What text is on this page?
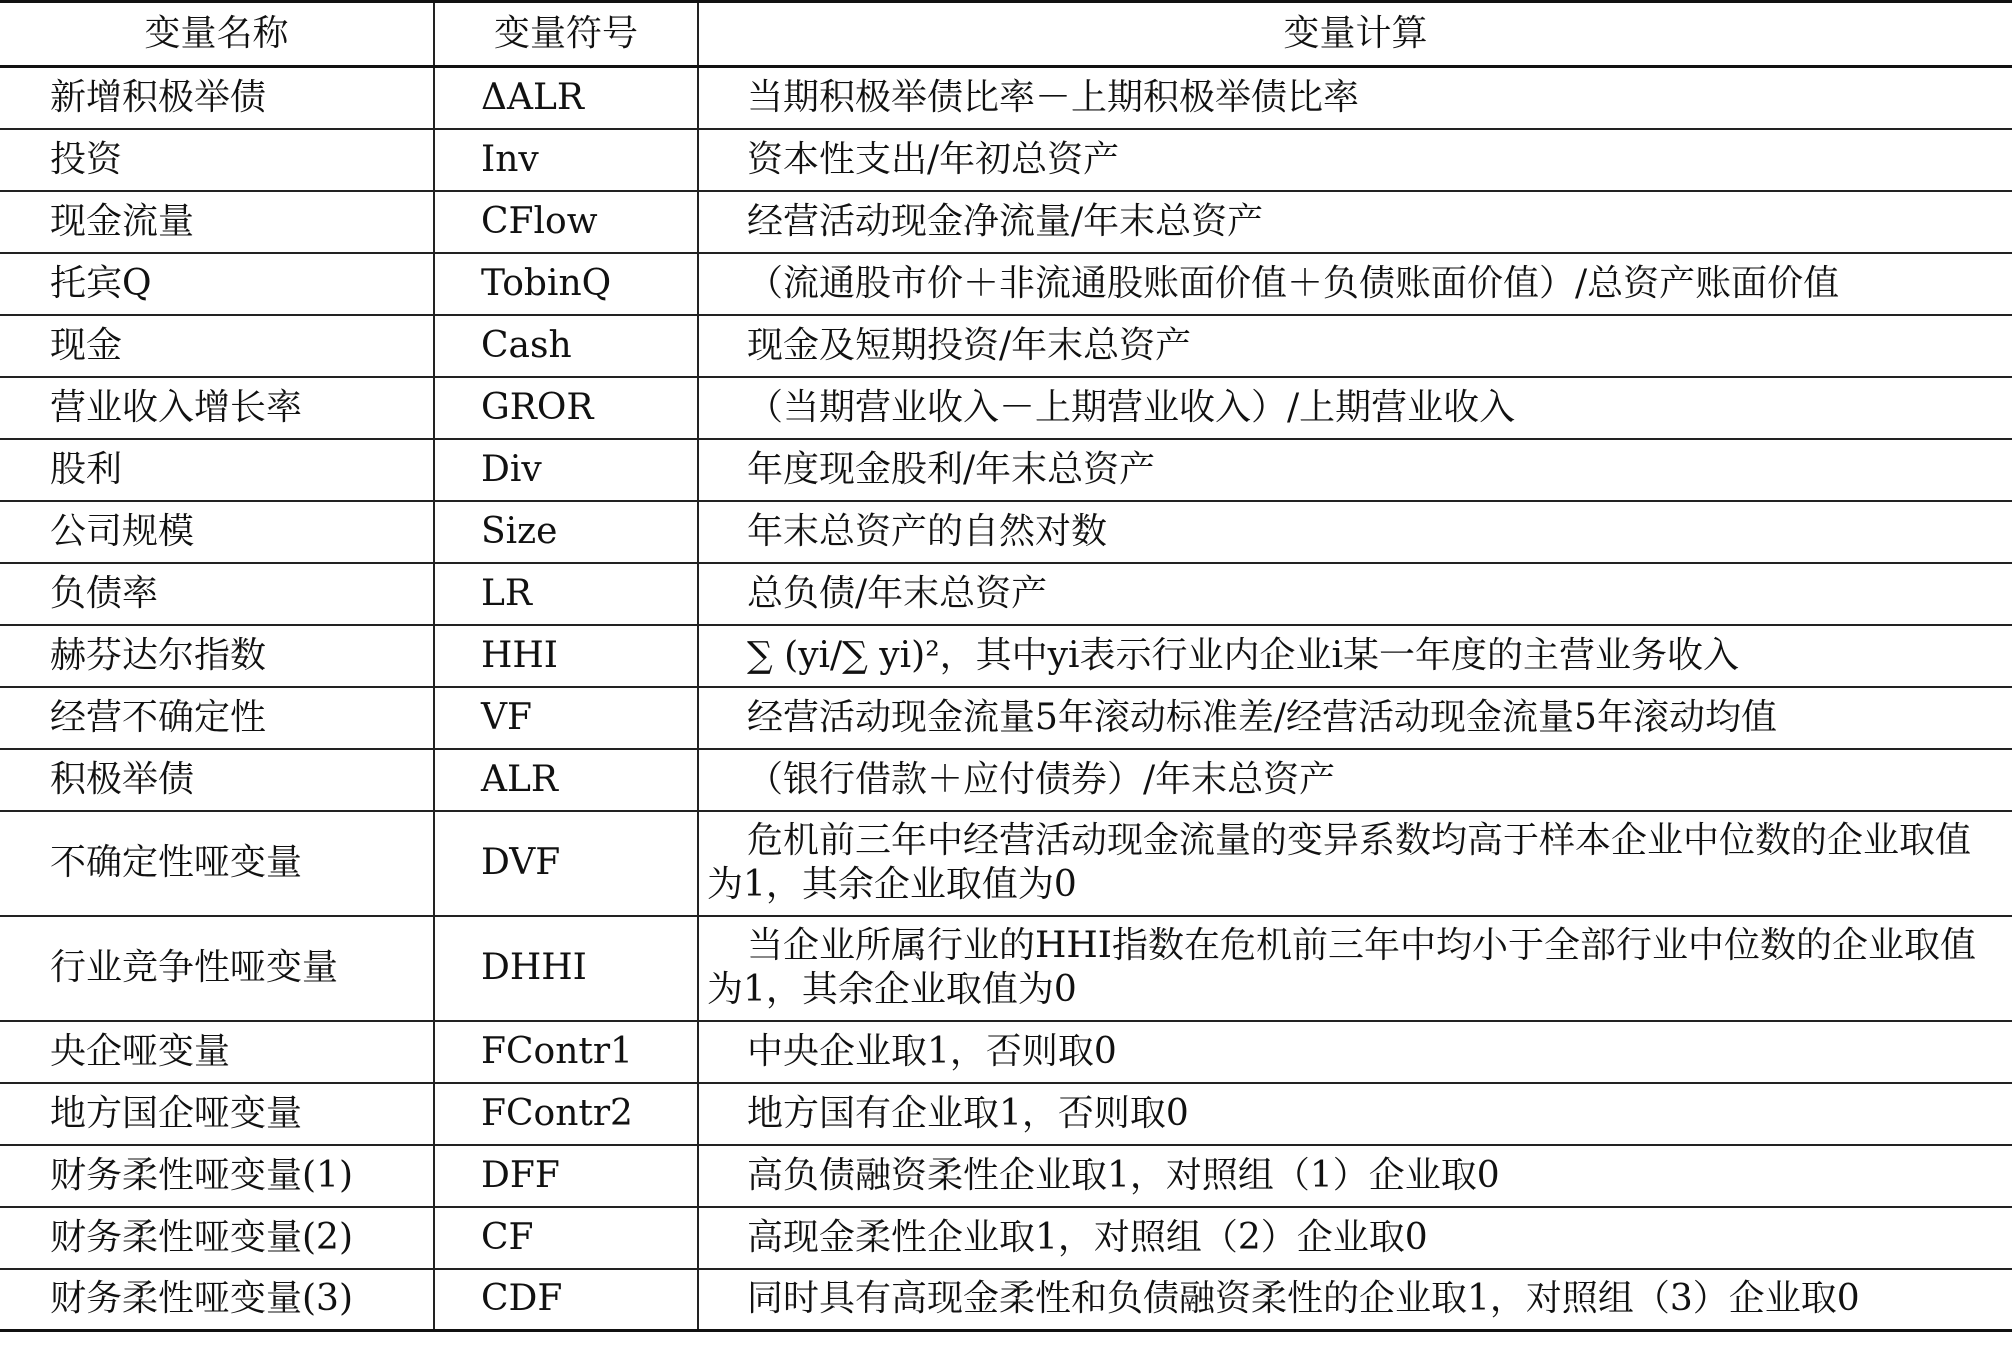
变量名称	变量符号	变量计算
新增积极举债	ΔALR	当期积极举债比率－上期积极举债比率
投资	Inv	资本性支出/年初总资产
现金流量	CFlow	经营活动现金净流量/年末总资产
托宾Q	TobinQ	（流通股市价＋非流通股账面价值＋负债账面价值）/总资产账面价值
现金	Cash	现金及短期投资/年末总资产
营业收入增长率	GROR	（当期营业收入－上期营业收入）/上期营业收入
股利	Div	年度现金股利/年末总资产
公司规模	Size	年末总资产的自然对数
负债率	LR	总负债/年末总资产
赫芬达尔指数	HHI	∑ (yi/∑ yi)²，其中yi表示行业内企业i某一年度的主营业务收入
经营不确定性	VF	经营活动现金流量5年滚动标准差/经营活动现金流量5年滚动均值
积极举债	ALR	（银行借款＋应付债券）/年末总资产
不确定性哑变量	DVF	危机前三年中经营活动现金流量的变异系数均高于样本企业中位数的企业取值为1，其余企业取值为0
行业竞争性哑变量	DHHI	当企业所属行业的HHI指数在危机前三年中均小于全部行业中位数的企业取值为1，其余企业取值为0
央企哑变量	FContr1	中央企业取1，否则取0
地方国企哑变量	FContr2	地方国有企业取1，否则取0
财务柔性哑变量(1)	DFF	高负债融资柔性企业取1，对照组（1）企业取0
财务柔性哑变量(2)	CF	高现金柔性企业取1，对照组（2）企业取0
财务柔性哑变量(3)	CDF	同时具有高现金柔性和负债融资柔性的企业取1，对照组（3）企业取0
